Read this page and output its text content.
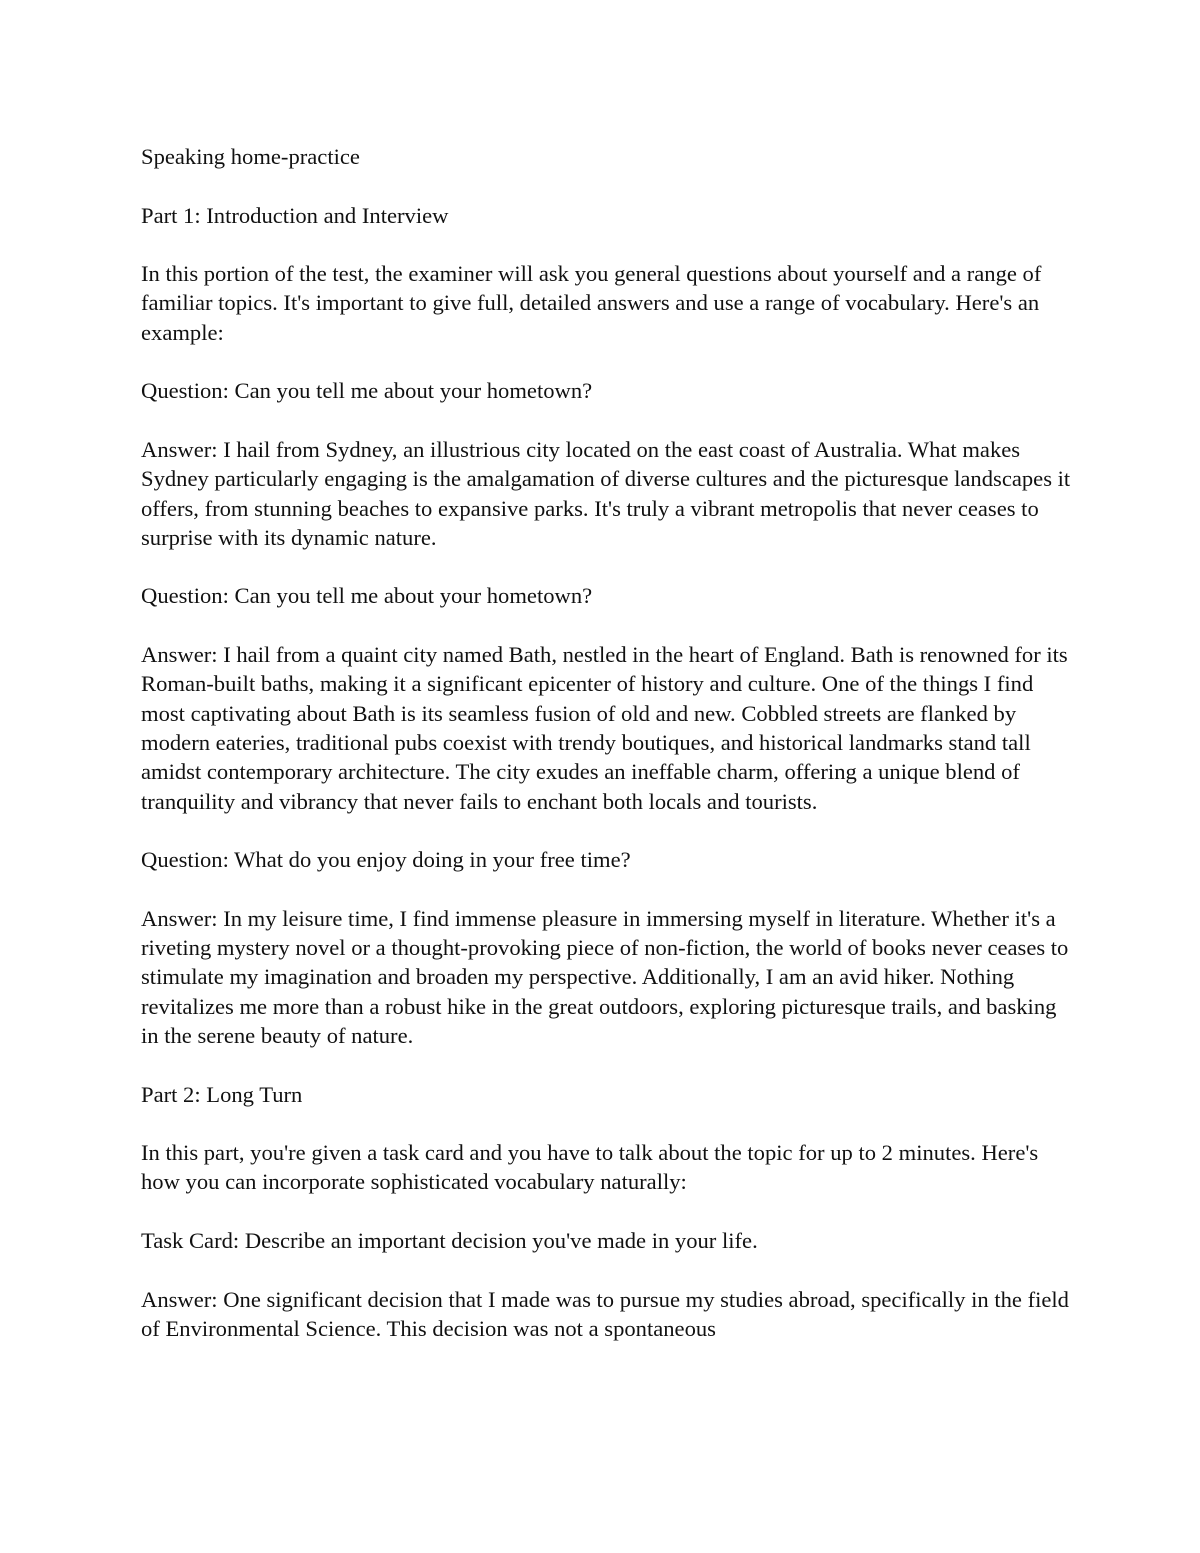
Speaking home-practice

Part 1: Introduction and Interview

In this portion of the test, the examiner will ask you general questions about yourself and a range of familiar topics. It's important to give full, detailed answers and use a range of vocabulary. Here's an example:

Question: Can you tell me about your hometown?

Answer: I hail from Sydney, an illustrious city located on the east coast of Australia. What makes Sydney particularly engaging is the amalgamation of diverse cultures and the picturesque landscapes it offers, from stunning beaches to expansive parks. It's truly a vibrant metropolis that never ceases to surprise with its dynamic nature.

Question: Can you tell me about your hometown?

Answer: I hail from a quaint city named Bath, nestled in the heart of England. Bath is renowned for its Roman-built baths, making it a significant epicenter of history and culture. One of the things I find most captivating about Bath is its seamless fusion of old and new. Cobbled streets are flanked by modern eateries, traditional pubs coexist with trendy boutiques, and historical landmarks stand tall amidst contemporary architecture. The city exudes an ineffable charm, offering a unique blend of tranquility and vibrancy that never fails to enchant both locals and tourists.

Question: What do you enjoy doing in your free time?

Answer: In my leisure time, I find immense pleasure in immersing myself in literature. Whether it's a riveting mystery novel or a thought-provoking piece of non-fiction, the world of books never ceases to stimulate my imagination and broaden my perspective. Additionally, I am an avid hiker. Nothing revitalizes me more than a robust hike in the great outdoors, exploring picturesque trails, and basking in the serene beauty of nature.

Part 2: Long Turn

In this part, you're given a task card and you have to talk about the topic for up to 2 minutes. Here's how you can incorporate sophisticated vocabulary naturally:

Task Card: Describe an important decision you've made in your life.

Answer: One significant decision that I made was to pursue my studies abroad, specifically in the field of Environmental Science. This decision was not a spontaneous
